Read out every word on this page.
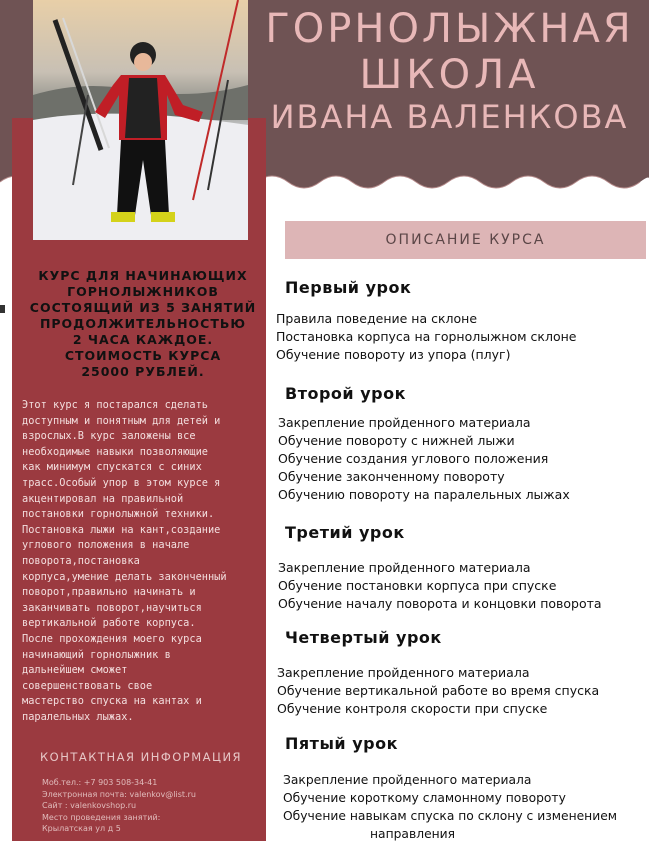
ГОРНОЛЫЖНАЯ
ШКОЛА
ИВАНА ВАЛЕНКОВА
ОПИСАНИЕ КУРСА
КУРС ДЛЯ НАЧИНАЮЩИХ
ГОРНОЛЫЖНИКОВ
СОСТОЯЩИЙ ИЗ 5 ЗАНЯТИЙ
ПРОДОЛЖИТЕЛЬНОСТЬЮ
2 ЧАСА КАЖДОЕ.
СТОИМОСТЬ КУРСА
25000 РУБЛЕЙ.
Этот курс я постарался сделать
доступным и понятным для детей и
взрослых.В курс заложены все
необходимые навыки позволяющие
как минимум спускатся с синих
трасс.Особый упор в этом курсе я
акцентировал на правильной
постановки горнолыжной техники.
Постановка лыжи на кант,создание
углового положения в начале
поворота,постановка
корпуса,умение делать законченный
поворот,правильно начинать и
заканчивать поворот,научиться
вертикальной работе корпуса.
После прохождения моего курса
начинающий горнолыжник в
дальнейшем сможет
совершенствовать свое
мастерство спуска на кантах и
паралельных лыжах.
КОНТАКТНАЯ ИНФОРМАЦИЯ
Моб.тел.: +7 903 508-34-41
Электронная почта: valenkov@list.ru
Сайт : valenkovshop.ru
Место проведения занятий:
Крылатская ул д 5
Первый урок
Правила поведение на склоне
Постановка корпуса на горнолыжном склоне
Обучение повороту из упора (плуг)
Второй урок
Закрепление пройденного материала
Обучение повороту с нижней лыжи
Обучение создания углового положения
Обучение законченному повороту
Обучению повороту на паралельных лыжах
Третий урок
Закрепление пройденного материала
Обучение постановки корпуса при спуске
Обучение началу поворота и концовки поворота
Четвертый урок
Закрепление пройденного материала
Обучение вертикальной работе во время спуска
Обучение контроля скорости при спуске
Пятый урок
Закрепление пройденного материала
Обучение короткому сламонному повороту
Обучение навыкам спуска по склону с изменением
направления
